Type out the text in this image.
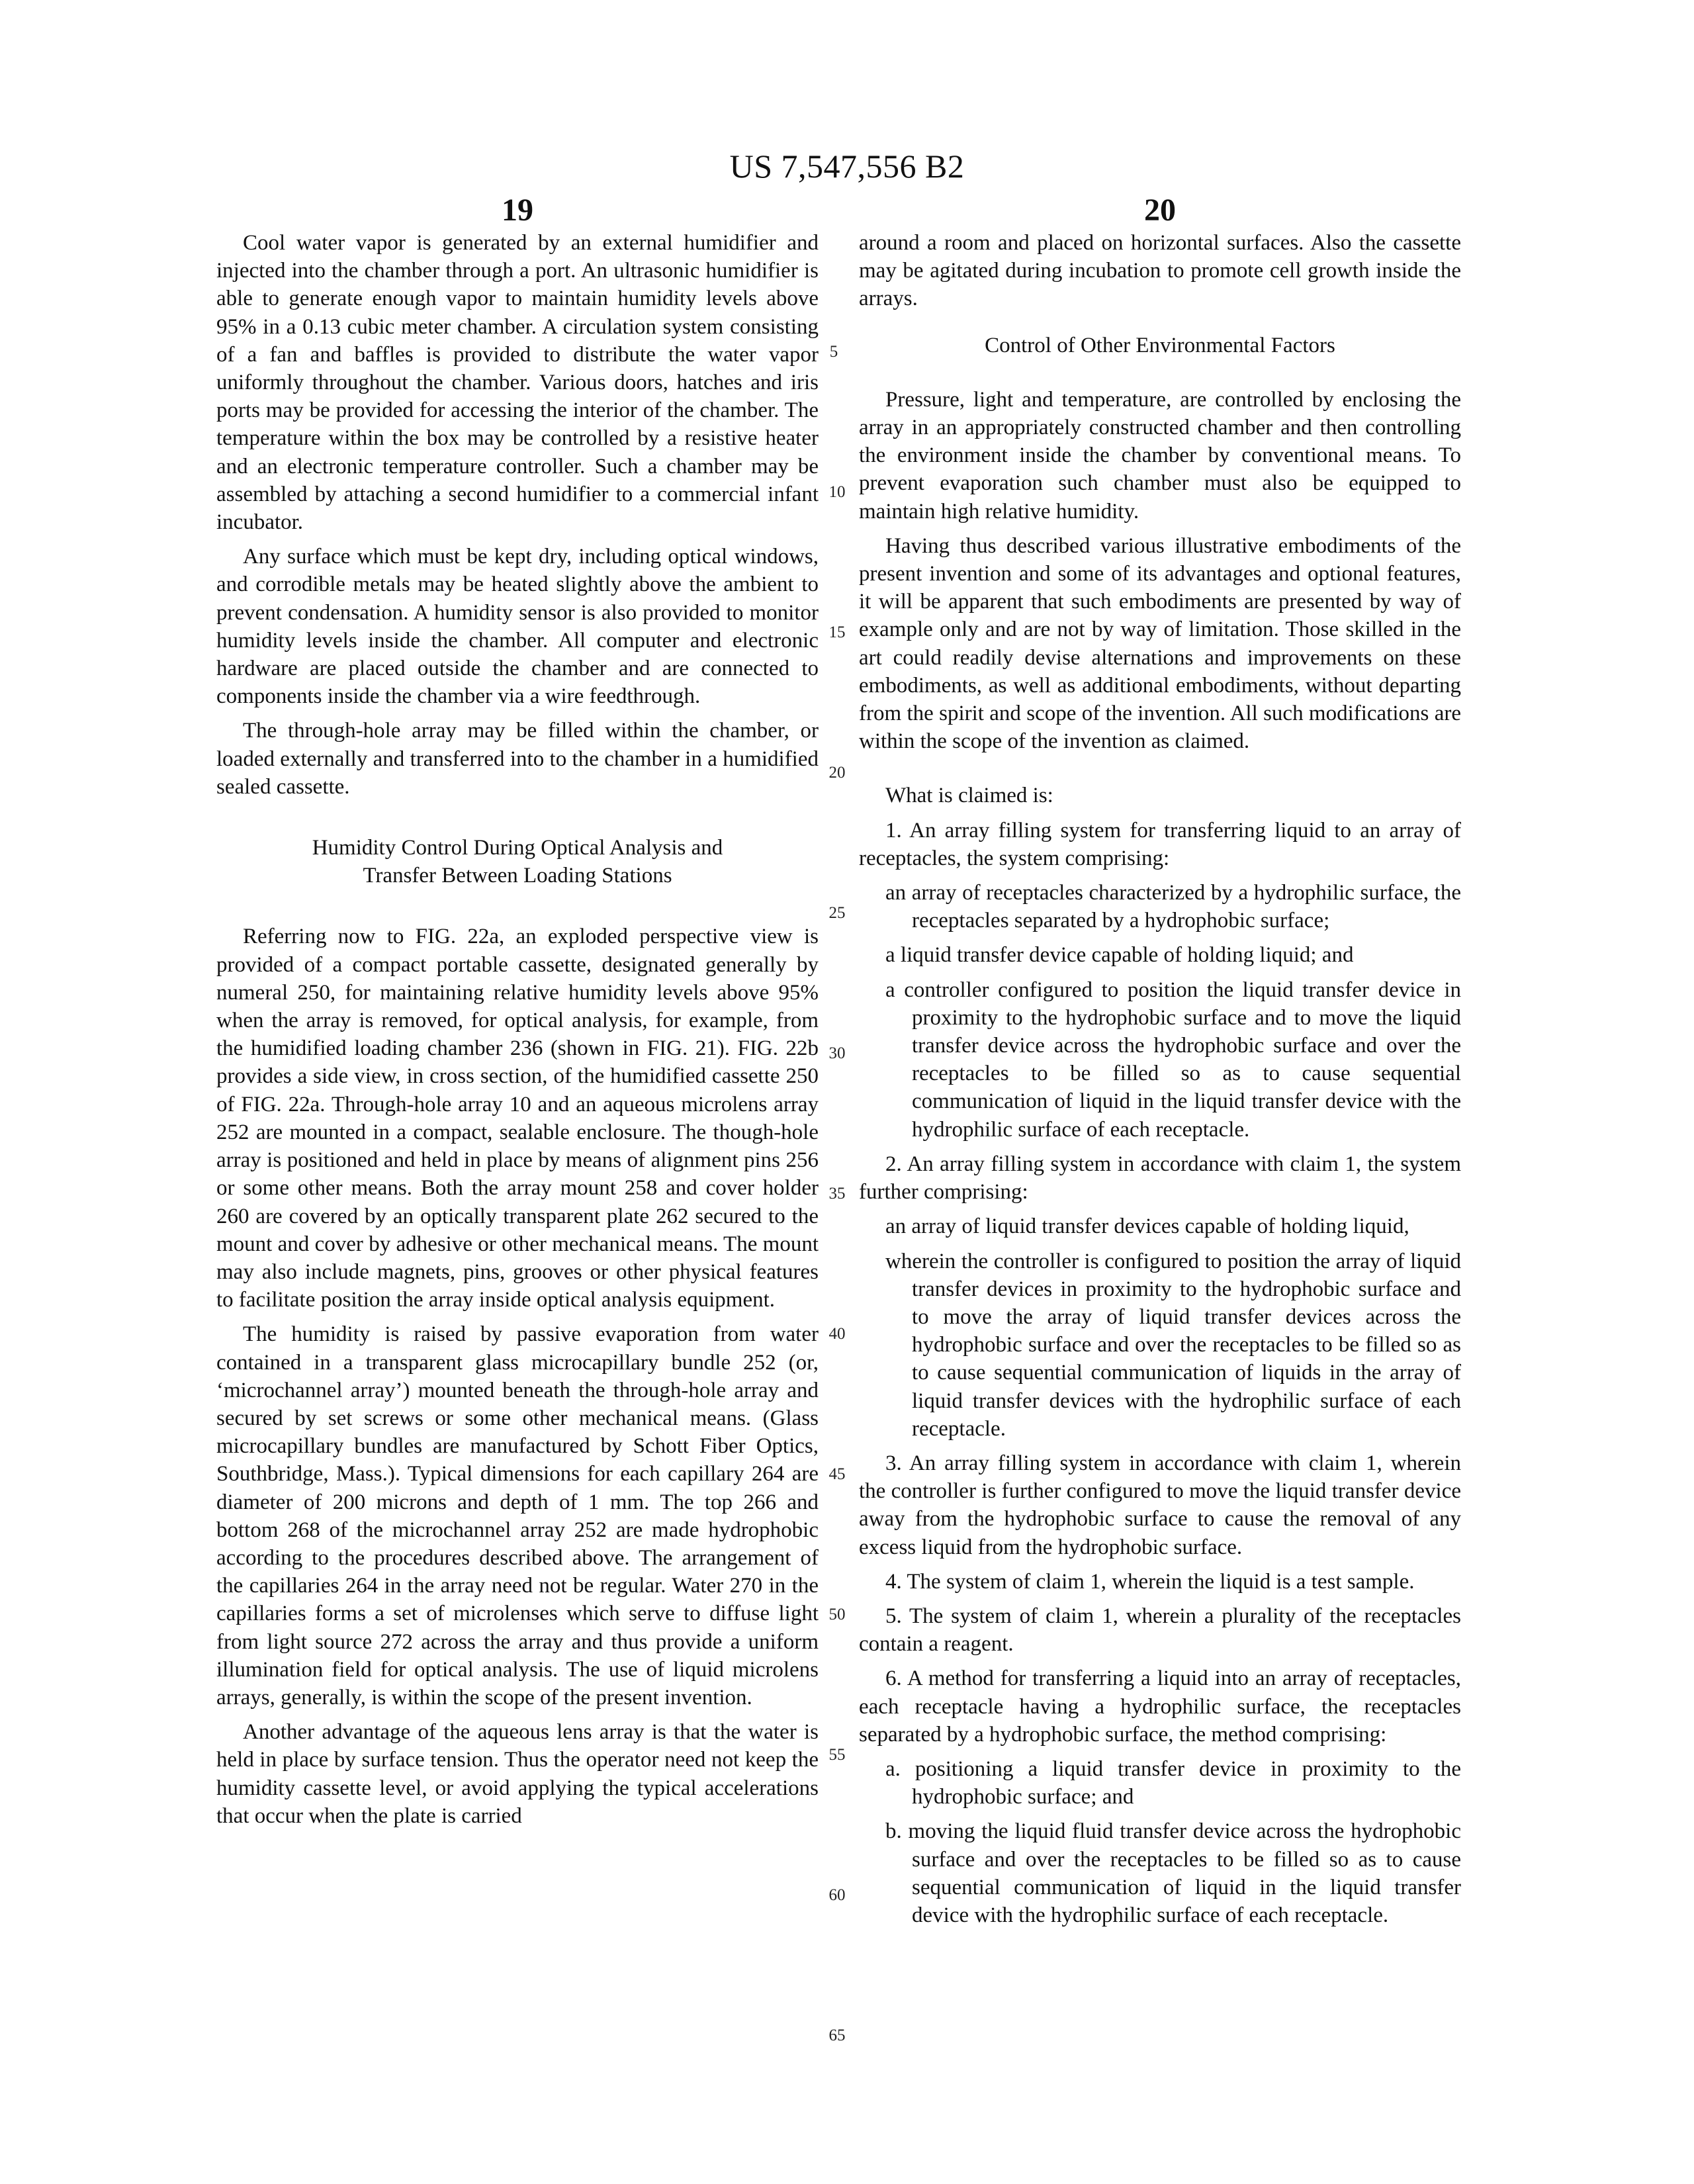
US 7,547,556 B2
19	20

Cool water vapor is generated by an external humidifier and injected into the chamber through a port. An ultrasonic humidifier is able to generate enough vapor to maintain humidity levels above 95% in a 0.13 cubic meter chamber. A circulation system consisting of a fan and baffles is provided to distribute the water vapor uniformly throughout the chamber. Various doors, hatches and iris ports may be provided for accessing the interior of the chamber. The temperature within the box may be controlled by a resistive heater and an electronic temperature controller. Such a chamber may be assembled by attaching a second humidifier to a commercial infant incubator.

Any surface which must be kept dry, including optical windows, and corrodible metals may be heated slightly above the ambient to prevent condensation. A humidity sensor is also provided to monitor humidity levels inside the chamber. All computer and electronic hardware are placed outside the chamber and are connected to components inside the chamber via a wire feedthrough.

The through-hole array may be filled within the chamber, or loaded externally and transferred into to the chamber in a humidified sealed cassette.

Humidity Control During Optical Analysis and
Transfer Between Loading Stations

Referring now to FIG. 22a, an exploded perspective view is provided of a compact portable cassette, designated generally by numeral 250, for maintaining relative humidity levels above 95% when the array is removed, for optical analysis, for example, from the humidified loading chamber 236 (shown in FIG. 21). FIG. 22b provides a side view, in cross section, of the humidified cassette 250 of FIG. 22a. Through-hole array 10 and an aqueous microlens array 252 are mounted in a compact, sealable enclosure. The though-hole array is positioned and held in place by means of alignment pins 256 or some other means. Both the array mount 258 and cover holder 260 are covered by an optically transparent plate 262 secured to the mount and cover by adhesive or other mechanical means. The mount may also include magnets, pins, grooves or other physical features to facilitate position the array inside optical analysis equipment.

The humidity is raised by passive evaporation from water contained in a transparent glass microcapillary bundle 252 (or, ‘microchannel array’) mounted beneath the through-hole array and secured by set screws or some other mechanical means. (Glass microcapillary bundles are manufactured by Schott Fiber Optics, Southbridge, Mass.). Typical dimensions for each capillary 264 are diameter of 200 microns and depth of 1 mm. The top 266 and bottom 268 of the microchannel array 252 are made hydrophobic according to the procedures described above. The arrangement of the capillaries 264 in the array need not be regular. Water 270 in the capillaries forms a set of microlenses which serve to diffuse light from light source 272 across the array and thus provide a uniform illumination field for optical analysis. The use of liquid microlens arrays, generally, is within the scope of the present invention.

Another advantage of the aqueous lens array is that the water is held in place by surface tension. Thus the operator need not keep the humidity cassette level, or avoid applying the typical accelerations that occur when the plate is carried

5
10
15
20
25
30
35
40
45
50
55
60
65

around a room and placed on horizontal surfaces. Also the cassette may be agitated during incubation to promote cell growth inside the arrays.

Control of Other Environmental Factors

Pressure, light and temperature, are controlled by enclosing the array in an appropriately constructed chamber and then controlling the environment inside the chamber by conventional means. To prevent evaporation such chamber must also be equipped to maintain high relative humidity.

Having thus described various illustrative embodiments of the present invention and some of its advantages and optional features, it will be apparent that such embodiments are presented by way of example only and are not by way of limitation. Those skilled in the art could readily devise alternations and improvements on these embodiments, as well as additional embodiments, without departing from the spirit and scope of the invention. All such modifications are within the scope of the invention as claimed.

What is claimed is:

1. An array filling system for transferring liquid to an array of receptacles, the system comprising:

an array of receptacles characterized by a hydrophilic surface, the receptacles separated by a hydrophobic surface;

a liquid transfer device capable of holding liquid; and

a controller configured to position the liquid transfer device in proximity to the hydrophobic surface and to move the liquid transfer device across the hydrophobic surface and over the receptacles to be filled so as to cause sequential communication of liquid in the liquid transfer device with the hydrophilic surface of each receptacle.

2. An array filling system in accordance with claim 1, the system further comprising:

an array of liquid transfer devices capable of holding liquid,

wherein the controller is configured to position the array of liquid transfer devices in proximity to the hydrophobic surface and to move the array of liquid transfer devices across the hydrophobic surface and over the receptacles to be filled so as to cause sequential communication of liquids in the array of liquid transfer devices with the hydrophilic surface of each receptacle.

3. An array filling system in accordance with claim 1, wherein the controller is further configured to move the liquid transfer device away from the hydrophobic surface to cause the removal of any excess liquid from the hydrophobic surface.

4. The system of claim 1, wherein the liquid is a test sample.

5. The system of claim 1, wherein a plurality of the receptacles contain a reagent.

6. A method for transferring a liquid into an array of receptacles, each receptacle having a hydrophilic surface, the receptacles separated by a hydrophobic surface, the method comprising:

a. positioning a liquid transfer device in proximity to the hydrophobic surface; and

b. moving the liquid fluid transfer device across the hydrophobic surface and over the receptacles to be filled so as to cause sequential communication of liquid in the liquid transfer device with the hydrophilic surface of each receptacle.
